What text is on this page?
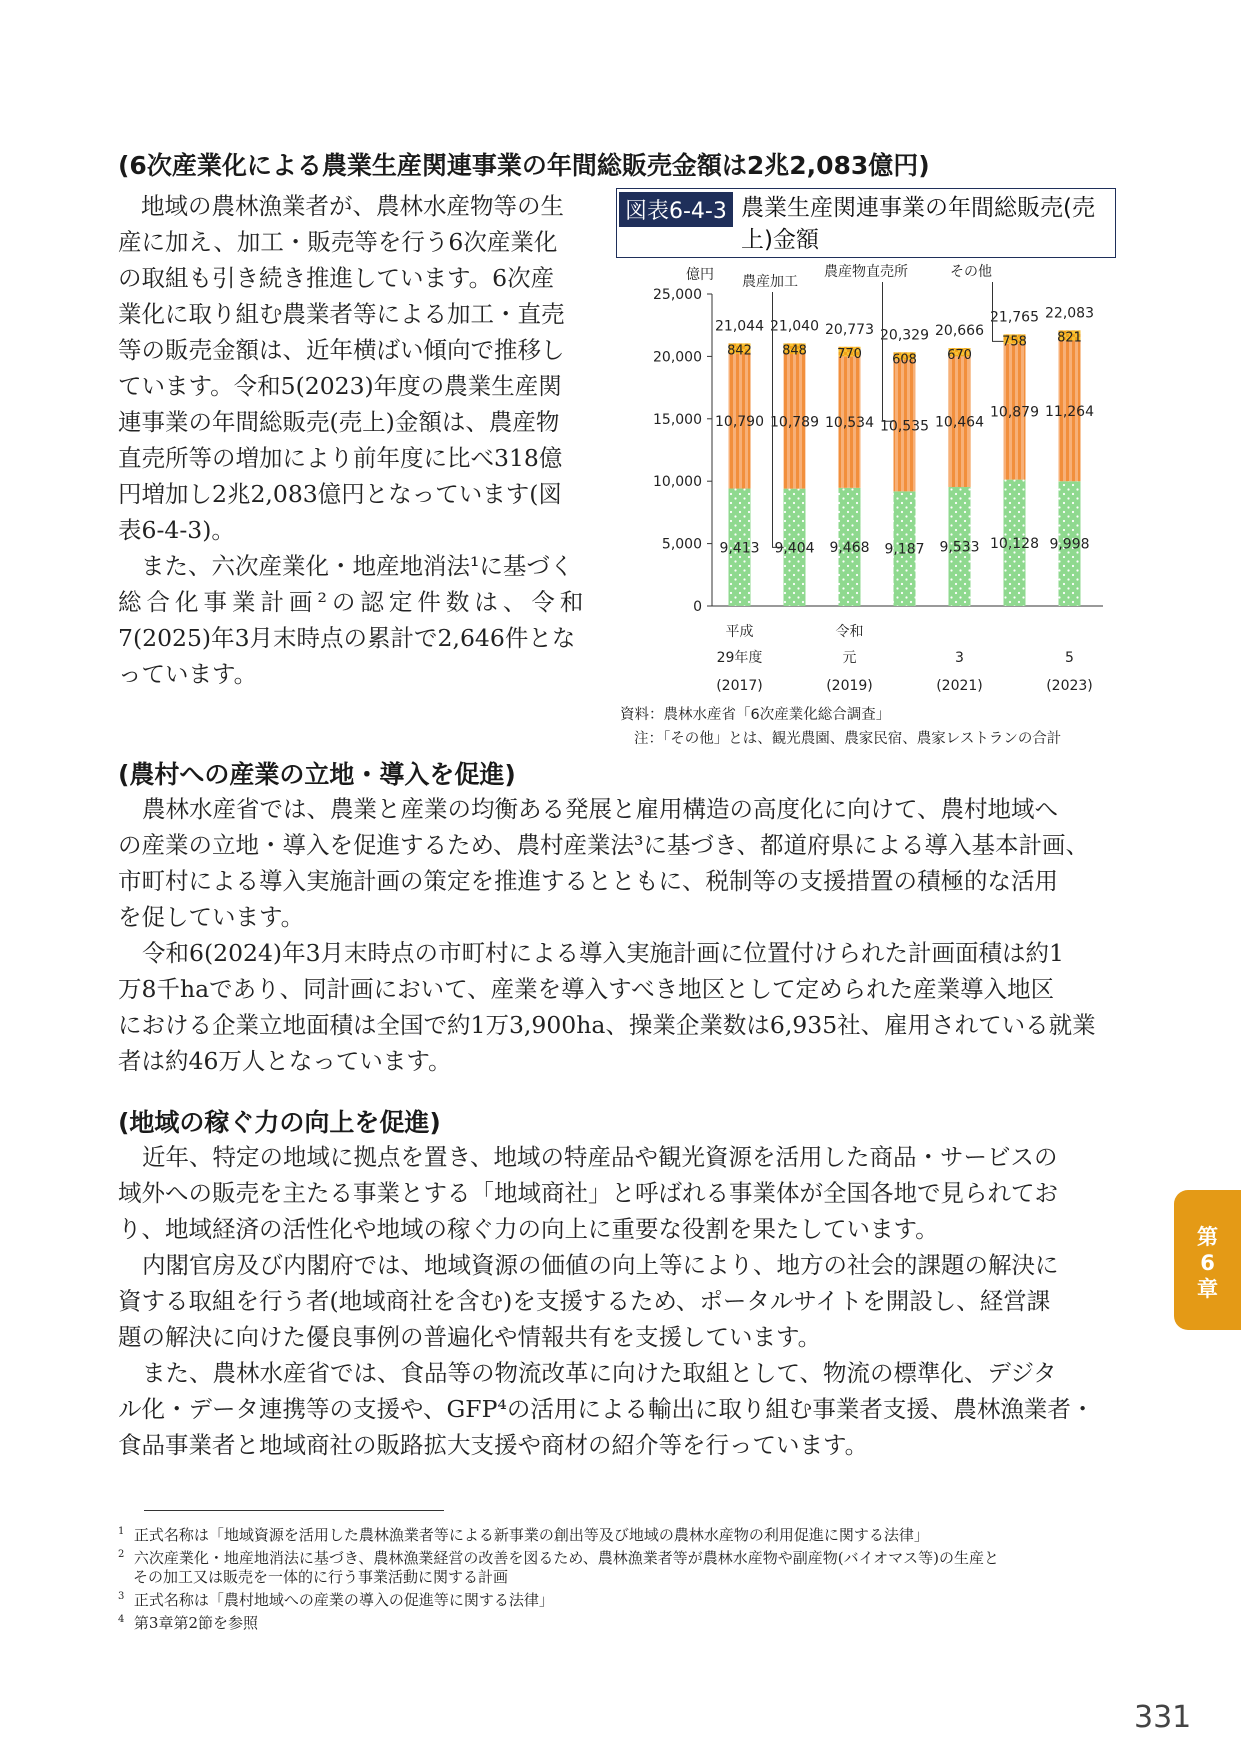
(6次産業化による農業生産関連事業の年間総販売金額は2兆2,083億円)
地域の農林漁業者が、農林水産物等の生
産に加え、加工・販売等を行う6次産業化
の取組も引き続き推進しています。6次産
業化に取り組む農業者等による加工・直売
等の販売金額は、近年横ばい傾向で推移し
ています。令和5(2023)年度の農業生産関
連事業の年間総販売(売上)金額は、農産物
直売所等の増加により前年度に比べ318億
円増加し2兆2,083億円となっています(図
表6-4-3)。
また、六次産業化・地産地消法¹に基づく
総合化事業計画²の認定件数は、令和
7(2025)年3月末時点の累計で2,646件とな
っています。
図表6-4-3 農業生産関連事業の年間総販売(売上)金額
0
5,000
10,000
15,000
20,000
25,000
億円
9,413
10,790
842
21,044
平成
29年度
(2017)
9,404
10,789
848
21,040
9,468
10,534
770
20,773
令和
元
(2019)
9,187
10,535
608
20,329
9,533
10,464
670
20,666
3
(2021)
10,128
10,879
758
21,765
9,998
11,264
821
22,083
5
(2023)
農産加工
農産物直売所	その他
資料：農林水産省「6次産業化総合調査」
注：「その他」とは、観光農園、農家民宿、農家レストランの合計
(農村への産業の立地・導入を促進)
農林水産省では、農業と産業の均衡ある発展と雇用構造の高度化に向けて、農村地域へ
の産業の立地・導入を促進するため、農村産業法³に基づき、都道府県による導入基本計画、
市町村による導入実施計画の策定を推進するとともに、税制等の支援措置の積極的な活用
を促しています。
令和6(2024)年3月末時点の市町村による導入実施計画に位置付けられた計画面積は約1
万8千haであり、同計画において、産業を導入すべき地区として定められた産業導入地区
における企業立地面積は全国で約1万3,900ha、操業企業数は6,935社、雇用されている就業
者は約46万人となっています。
(地域の稼ぐ力の向上を促進)
近年、特定の地域に拠点を置き、地域の特産品や観光資源を活用した商品・サービスの
域外への販売を主たる事業とする「地域商社」と呼ばれる事業体が全国各地で見られてお
り、地域経済の活性化や地域の稼ぐ力の向上に重要な役割を果たしています。
内閣官房及び内閣府では、地域資源の価値の向上等により、地方の社会的課題の解決に
資する取組を行う者(地域商社を含む)を支援するため、ポータルサイトを開設し、経営課
題の解決に向けた優良事例の普遍化や情報共有を支援しています。
また、農林水産省では、食品等の物流改革に向けた取組として、物流の標準化、デジタ
ル化・データ連携等の支援や、GFP⁴の活用による輸出に取り組む事業者支援、農林漁業者・
食品事業者と地域商社の販路拡大支援や商材の紹介等を行っています。
$^1$ 正式名称は「地域資源を活用した農林漁業者等による新事業の創出等及び地域の農林水産物の利用促進に関する法律」
$^2$ 六次産業化・地産地消法に基づき、農林漁業経営の改善を図るため、農林漁業者等が農林水産物や副産物(バイオマス等)の生産と
その加工又は販売を一体的に行う事業活動に関する計画
$^3$ 正式名称は「農村地域への産業の導入の促進等に関する法律」
$^4$ 第3章第2節を参照
第
6
章
331
